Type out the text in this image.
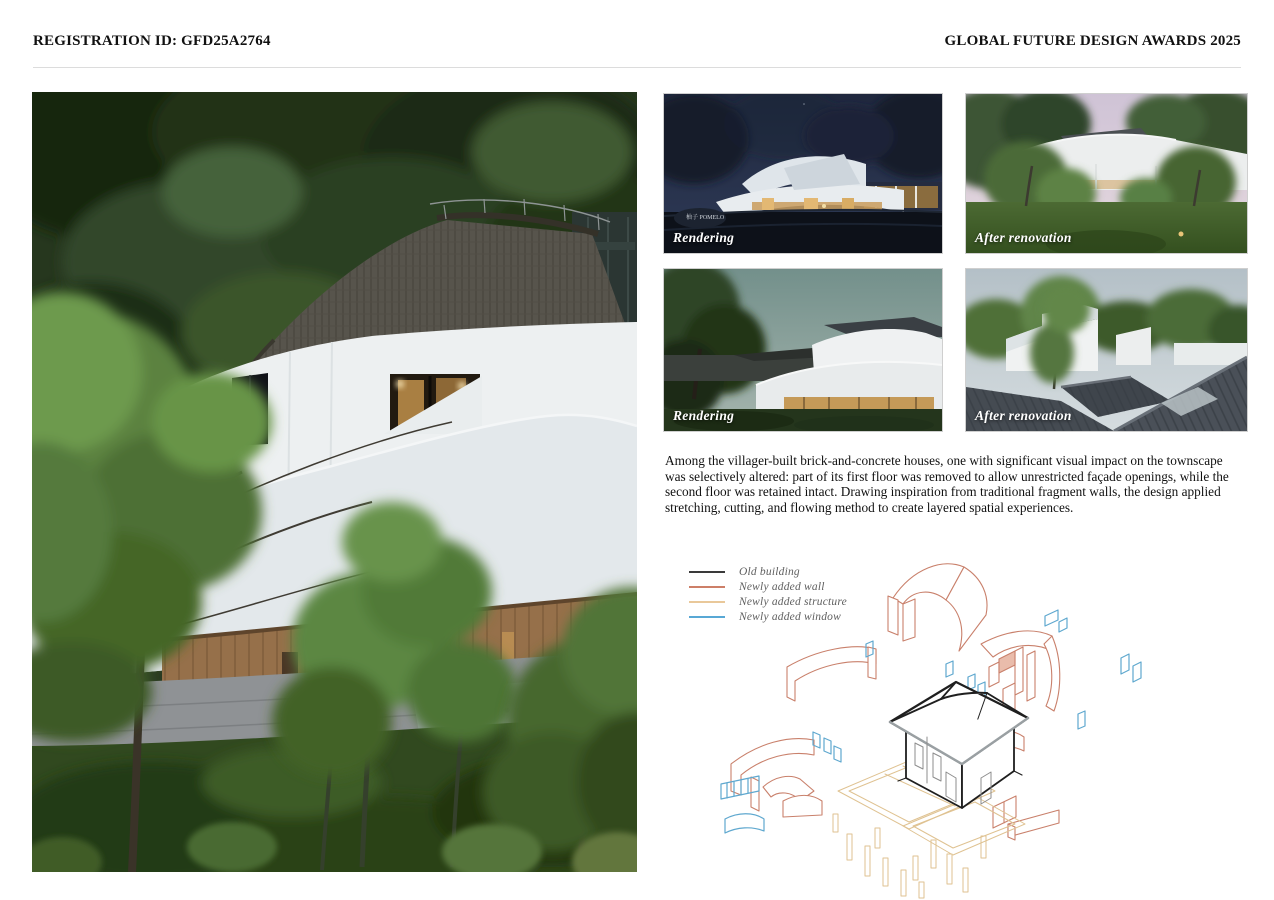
REGISTRATION ID: GFD25A2764	GLOBAL FUTURE DESIGN AWARDS 2025
柚子 POMELO
Rendering	After renovation
Rendering	After renovation

Among the villager-built brick-and-concrete houses, one with significant visual impact on the townscape was selectively altered: part of its first floor was removed to allow unrestricted façade openings, while the second floor was retained intact. Drawing inspiration from traditional fragment walls, the design applied stretching, cutting, and flowing method to create layered spatial experiences.

Old building
Newly added wall
Newly added structure
Newly added window
